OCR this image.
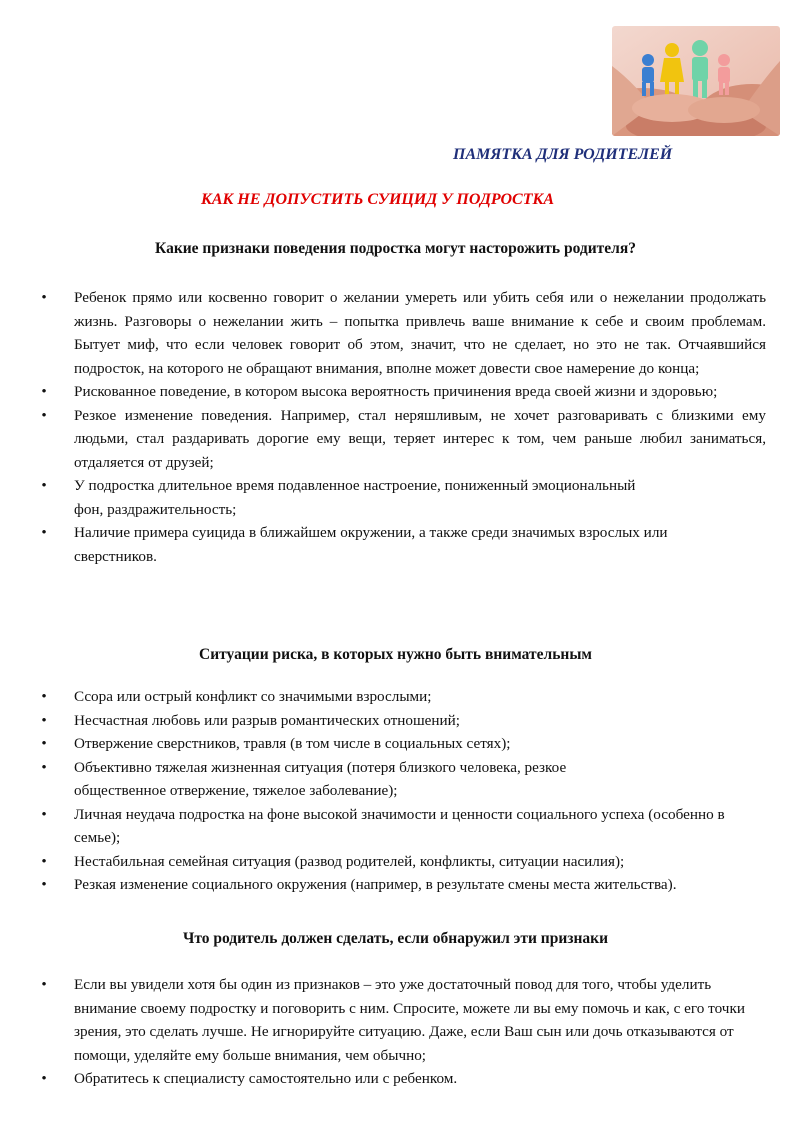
ПАМЯТКА ДЛЯ РОДИТЕЛЕЙ
КАК НЕ ДОПУСТИТЬ СУИЦИД У ПОДРОСТКА
Какие признаки поведения подростка могут насторожить родителя?
• Ребенок прямо или косвенно говорит о желании умереть или убить себя или о нежелании продолжать жизнь. Разговоры о нежелании жить – попытка привлечь ваше внимание к себе и своим проблемам. Бытует миф, что если человек говорит об этом, значит, что не сделает, но это не так. Отчаявшийся подросток, на которого не обращают внимания, вполне может довести свое намерение до конца;
• Рискованное поведение, в котором высока вероятность причинения вреда своей жизни и здоровью;
• Резкое изменение поведения. Например, стал неряшливым, не хочет разговаривать с близкими ему людьми, стал раздаривать дорогие ему вещи, теряет интерес к том, чем раньше любил заниматься, отдаляется от друзей;
• У подростка длительное время подавленное настроение, пониженный эмоциональный фон, раздражительность;
• Наличие примера суицида в ближайшем окружении, а также среди значимых взрослых или сверстников.
Ситуации риска, в которых нужно быть внимательным
• Ссора или острый конфликт со значимыми взрослыми;
• Несчастная любовь или разрыв романтических отношений;
• Отвержение сверстников, травля (в том числе в социальных сетях);
• Объективно тяжелая жизненная ситуация (потеря близкого человека, резкое общественное отвержение, тяжелое заболевание);
• Личная неудача подростка на фоне высокой значимости и ценности социального успеха (особенно в семье);
• Нестабильная семейная ситуация (развод родителей, конфликты, ситуации насилия);
• Резкая изменение социального окружения (например, в результате смены места жительства).
Что родитель должен сделать, если обнаружил эти признаки
• Если вы увидели хотя бы один из признаков – это уже достаточный повод для того, чтобы уделить внимание своему подростку и поговорить с ним. Спросите, можете ли вы ему помочь и как, с его точки зрения, это сделать лучше. Не игнорируйте ситуацию. Даже, если Ваш сын или дочь отказываются от помощи, уделяйте ему больше внимания, чем обычно;
• Обратитесь к специалисту самостоятельно или с ребенком.
